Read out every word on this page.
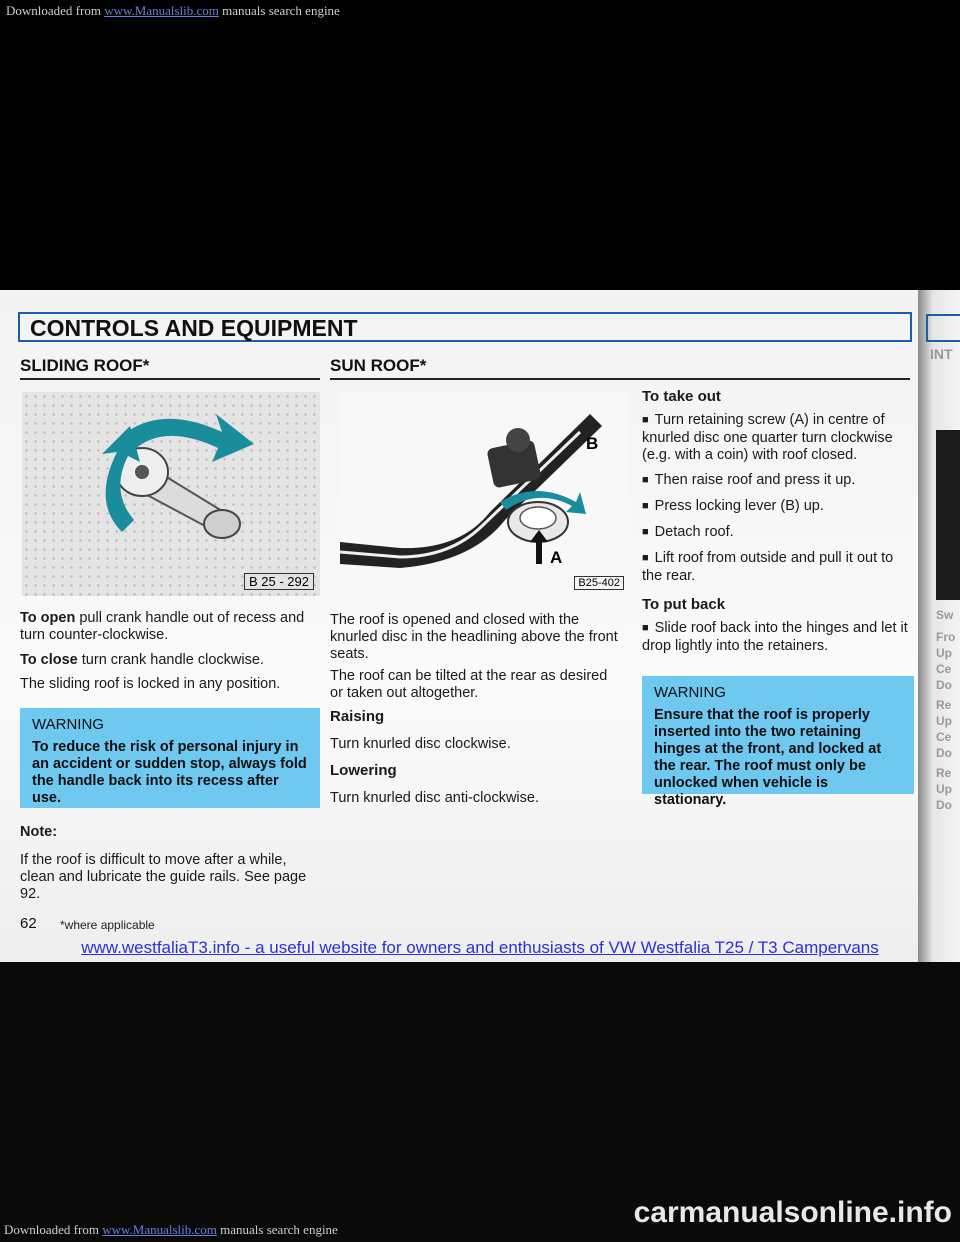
Downloaded from www.Manualslib.com manuals search engine
INT
Sw
Fro
Up
Ce
Do
Re
Up
Ce
Do
Re
Up
Do
CONTROLS AND EQUIPMENT
SLIDING ROOF*
B 25 - 292

To open pull crank handle out of recess and turn counter-clockwise.

To close turn crank handle clockwise.

The sliding roof is locked in any position.

WARNING
To reduce the risk of personal injury in an accident or sudden stop, always fold the handle back into its recess after use.

Note:

If the roof is difficult to move after a while, clean and lubricate the guide rails. See page 92.

SUN ROOF*
B
A
B25-402

The roof is opened and closed with the knurled disc in the headlining above the front seats.

The roof can be tilted at the rear as desired or taken out altogether.

Raising

Turn knurled disc clockwise.

Lowering

Turn knurled disc anti-clockwise.

To take out

■ Turn retaining screw (A) in centre of knurled disc one quarter turn clockwise (e.g. with a coin) with roof closed.

■ Then raise roof and press it up.

■ Press locking lever (B) up.

■ Detach roof.

■ Lift roof from outside and pull it out to the rear.

To put back

■ Slide roof back into the hinges and let it drop lightly into the retainers.

WARNING
Ensure that the roof is properly inserted into the two retaining hinges at the front, and locked at the rear. The roof must only be unlocked when vehicle is stationary.
62 *where applicable
www.westfaliaT3.info - a useful website for owners and enthusiasts of VW Westfalia T25 / T3 Campervans
carmanualsonline.info
Downloaded from www.Manualslib.com manuals search engine
